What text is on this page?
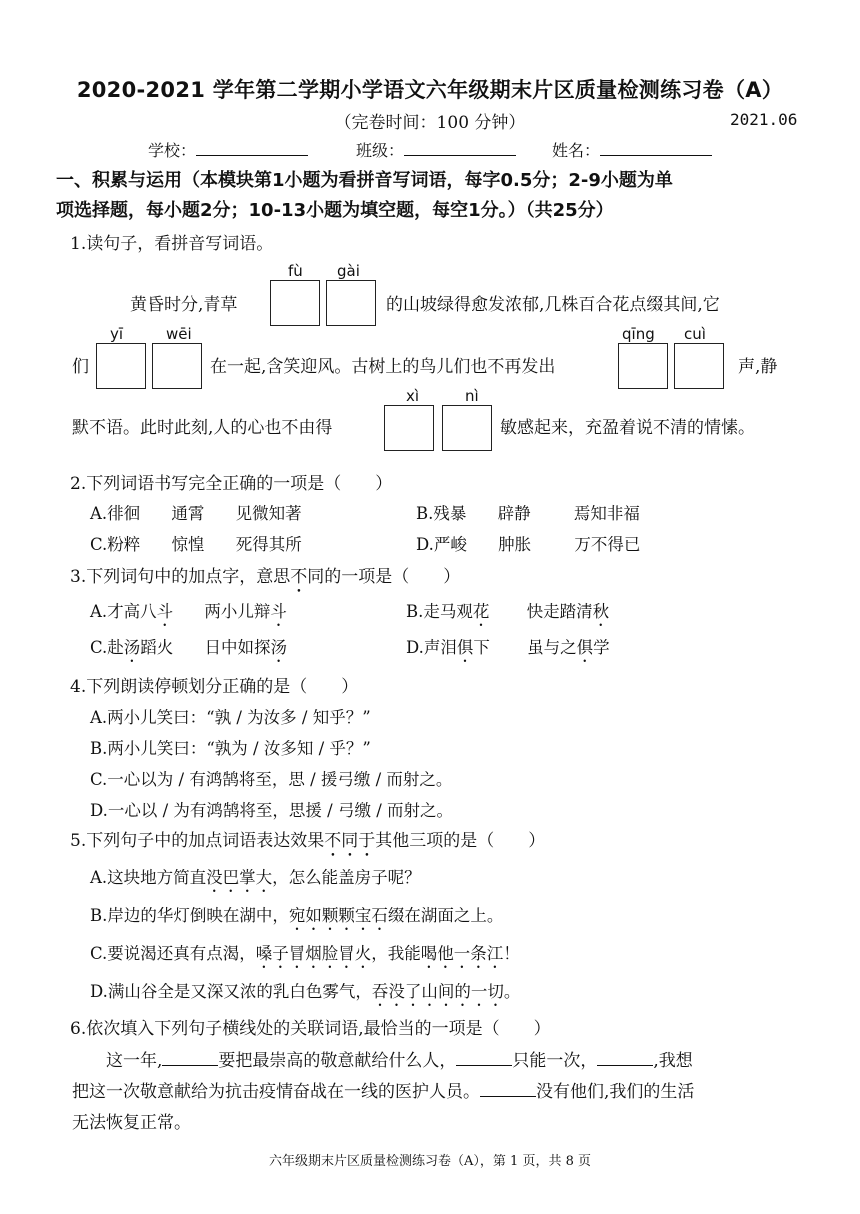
2020-2021 学年第二学期小学语文六年级期末片区质量检测练习卷（A）
（完卷时间：100 分钟）	2021.06
学校：	班级：	姓名：
一、积累与运用（本模块第1小题为看拼音写词语，每字0.5分；2-9小题为单
项选择题，每小题2分；10-13小题为填空题，每空1分。）（共25分）
1.读句子，看拼音写词语。
fù gài
黄昏时分,青草	的山坡绿得愈发浓郁,几株百合花点缀其间,它
yī	wēi	qīng cuì
们	在一起,含笑迎风。古树上的鸟儿们也不再发出	声,静
xì	nì
默不语。此时此刻,人的心也不由得	敏感起来，充盈着说不清的情愫。
2.下列词语书写完全正确的一项是（　　）
A.徘徊 通霄 见微知著	B.残暴 辟静	焉知非福
C.粉粹 惊惶 死得其所	D.严峻 肿胀	万不得已
3.下列词句中的加点字，意思不同的一项是（　　）
A.才高八斗 两小儿辩斗	B.走马观花 快走踏清秋
C.赴汤蹈火 日中如探汤	D.声泪俱下 虽与之俱学
4.下列朗读停顿划分正确的是（　　）
A.两小儿笑曰：“孰 / 为汝多 / 知乎？”
B.两小儿笑曰：“孰为 / 汝多知 / 乎？”
C.一心以为 / 有鸿鹄将至，思 / 援弓缴 / 而射之。
D.一心以 / 为有鸿鹄将至，思援 / 弓缴 / 而射之。
5.下列句子中的加点词语表达效果不同于其他三项的是（　　）
A.这块地方简直没巴掌大，怎么能盖房子呢？
B.岸边的华灯倒映在湖中，宛如颗颗宝石缀在湖面之上。
C.要说渴还真有点渴，嗓子冒烟脸冒火，我能喝他一条江！
D.满山谷全是又深又浓的乳白色雾气，吞没了山间的一切。
6.依次填入下列句子横线处的关联词语,最恰当的一项是（　　）
这一年,	要把最崇高的敬意献给什么人，	只能一次，	,我想
把这一次敬意献给为抗击疫情奋战在一线的医护人员。	没有他们,我们的生活
无法恢复正常。
六年级期末片区质量检测练习卷（A），第 1 页，共 8 页
